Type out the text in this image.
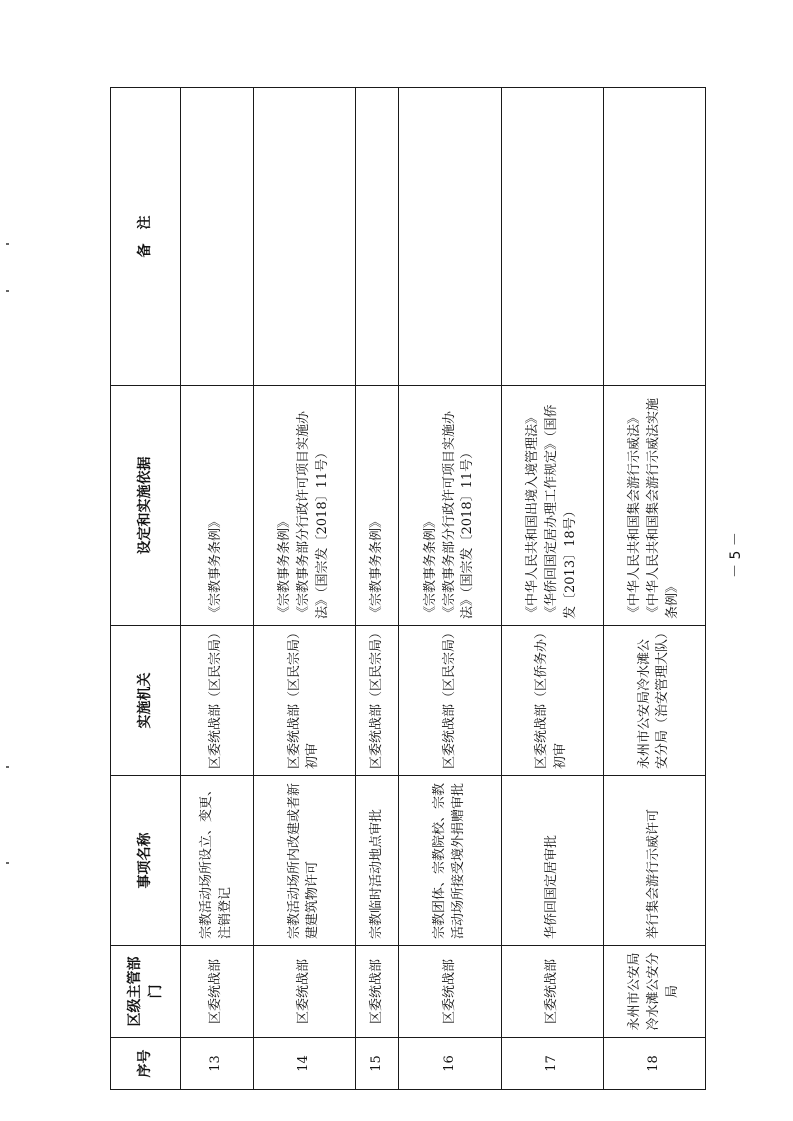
序号	区级主管部门	事项名称	实施机关	设定和实施依据	备　注
13	区委统战部	宗教活动场所设立、变更、注销登记	区委统战部（区民宗局）	《宗教事务条例》	

14	区委统战部	宗教活动场所内改建或者新建建筑物许可	区委统战部（区民宗局）初审	《宗教事务条例》 《宗教事务部分行政许可项目实施办法》（国宗发〔2018〕11号）	

15	区委统战部	宗教临时活动地点审批	区委统战部（区民宗局）	《宗教事务条例》	

16	区委统战部	宗教团体、宗教院校、宗教活动场所接受境外捐赠审批	区委统战部（区民宗局）	《宗教事务条例》 《宗教事务部分行政许可项目实施办法》（国宗发〔2018〕11号）	

17	区委统战部	华侨回国定居审批	区委统战部（区侨务办）初审	《中华人民共和国出境入境管理法》 《华侨回国定居办理工作规定》（国侨发〔2013〕18号）	

18	永州市公安局冷水滩公安分局	举行集会游行示威许可	永州市公安局冷水滩公安分局（治安管理大队）	《中华人民共和国集会游行示威法》 《中华人民共和国集会游行示威法实施条例》	

－ 5 －
